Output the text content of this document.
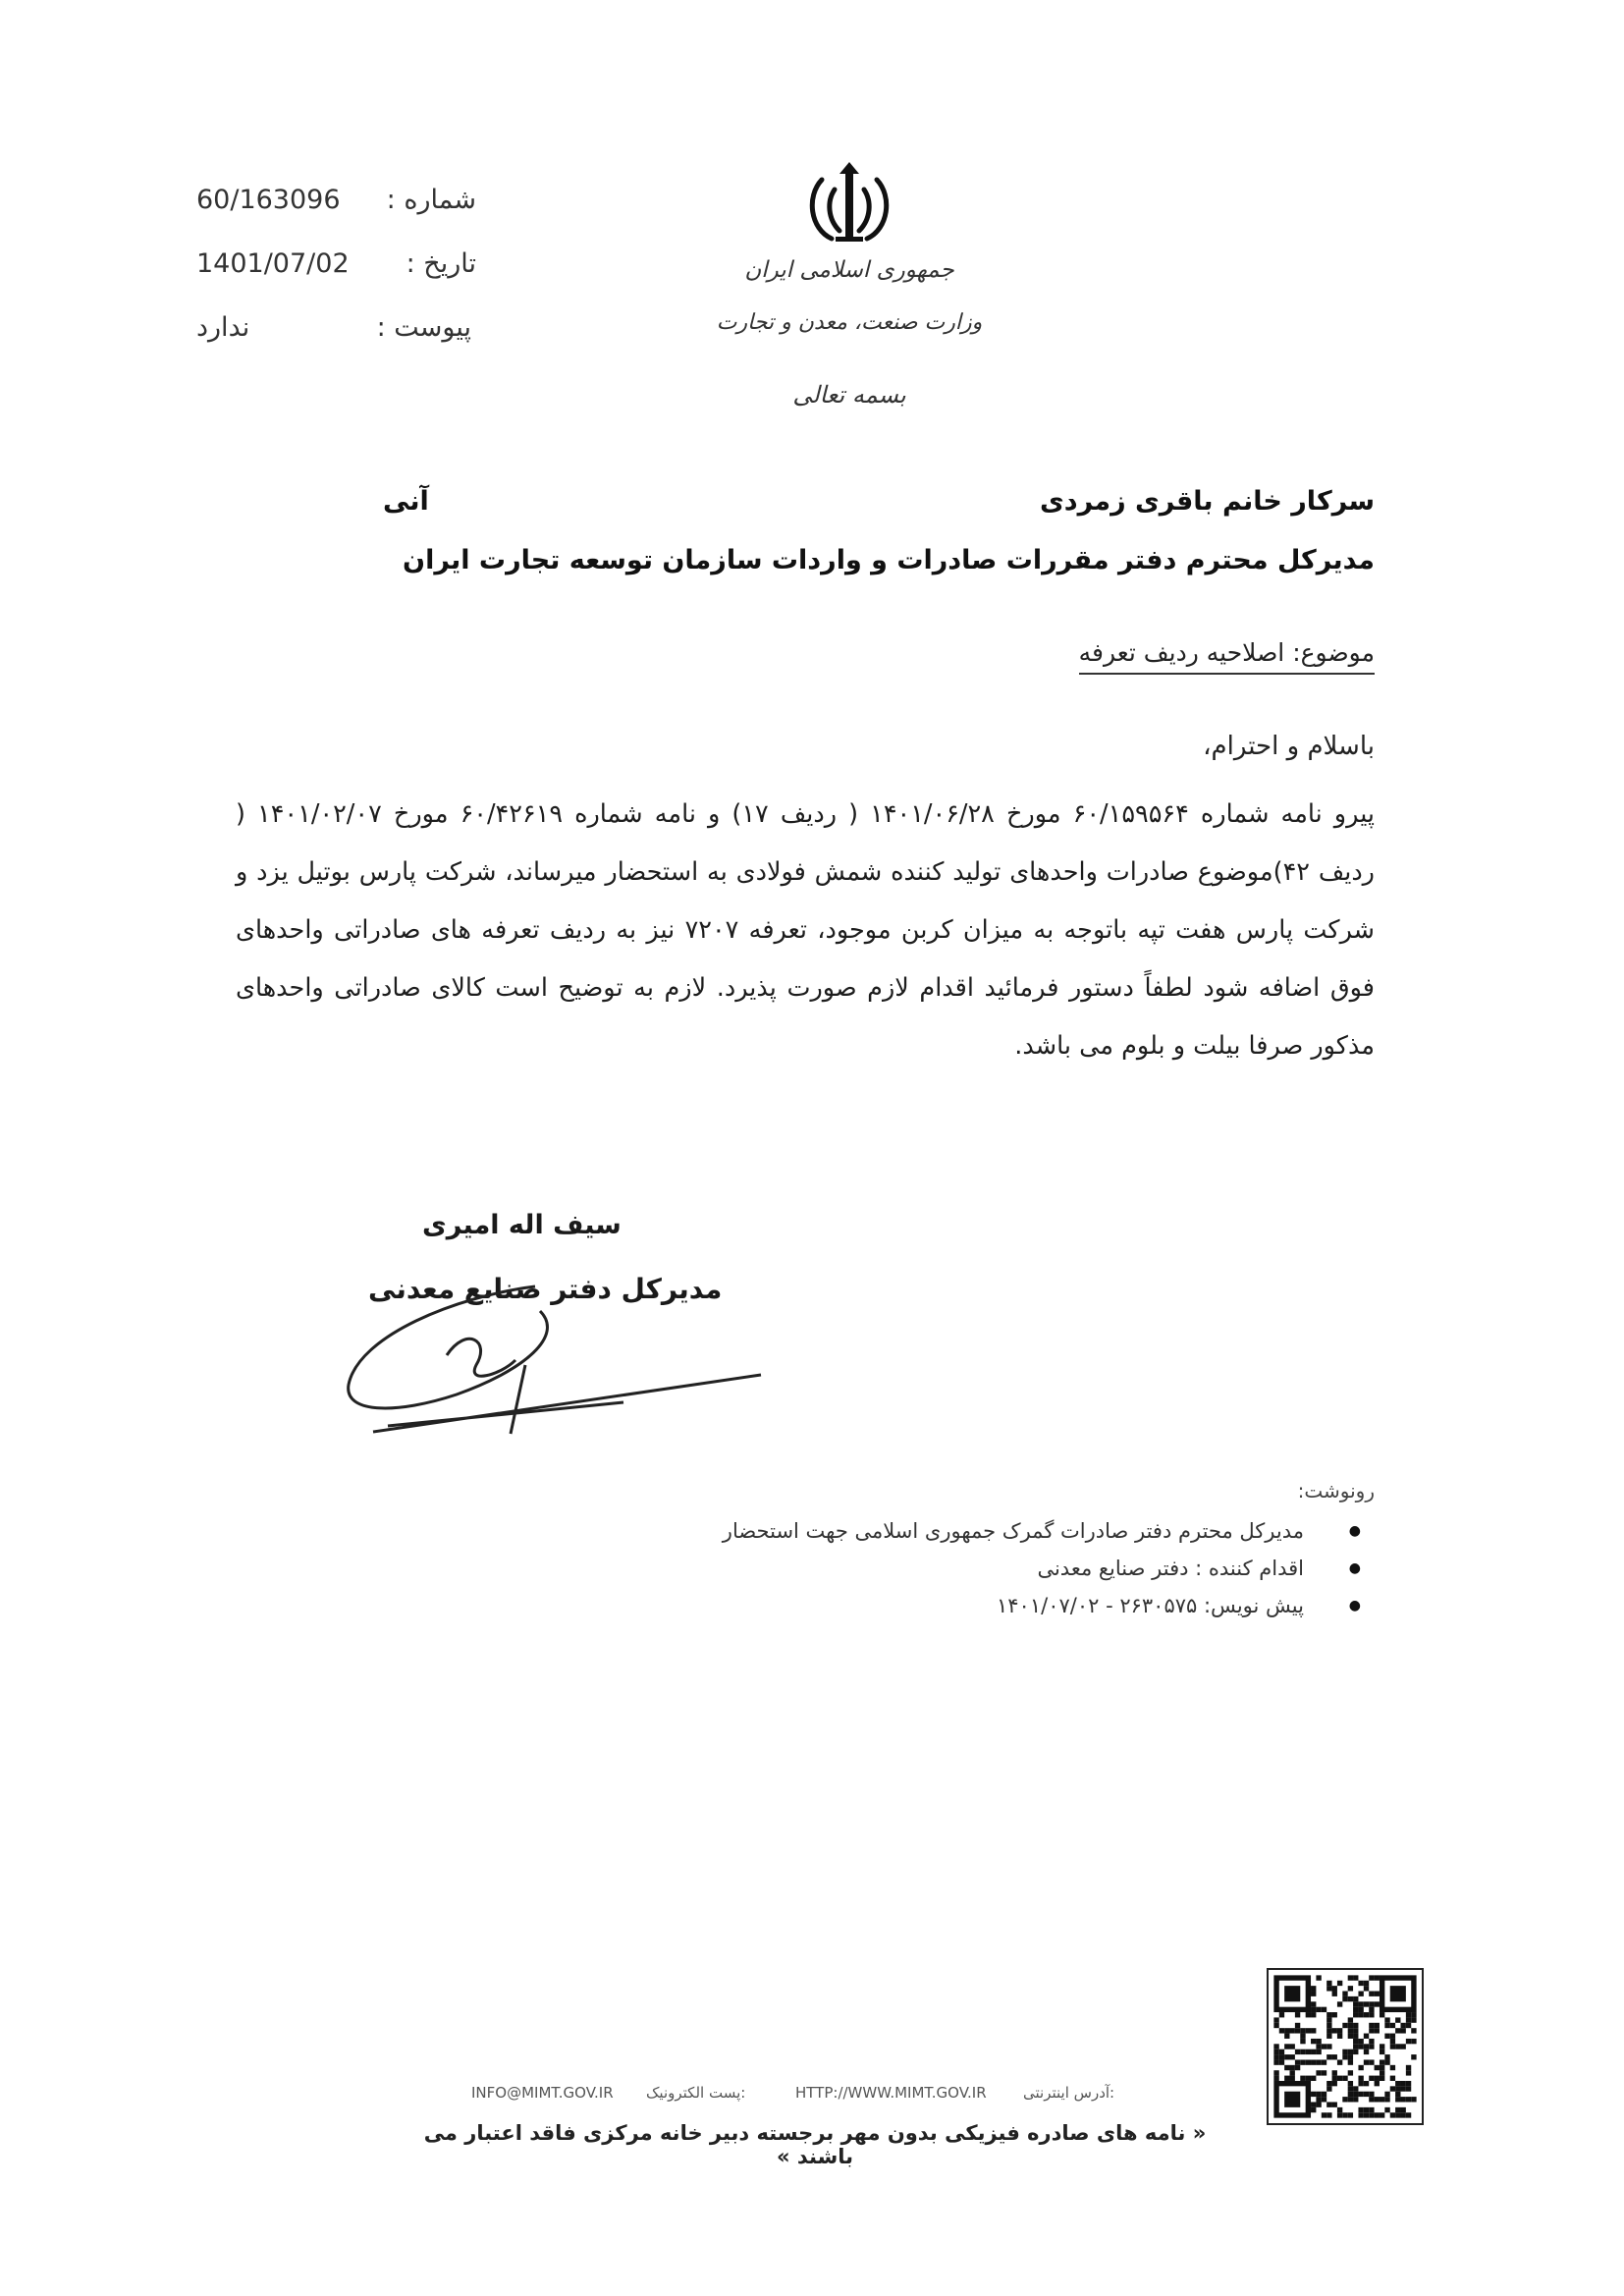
شماره :
60/163096
تاریخ :
1401/07/02
پیوست :
ندارد
جمهوری اسلامی ایران
وزارت صنعت، معدن و تجارت
بسمه تعالی
سرکار خانم باقری زمردی
آنی
مدیرکل محترم دفتر مقررات صادرات و واردات سازمان توسعه تجارت ایران
موضوع: اصلاحیه ردیف تعرفه
باسلام و احترام،
پیرو نامه شماره ۶۰/۱۵۹۵۶۴ مورخ ۱۴۰۱/۰۶/۲۸ ( ردیف ۱۷) و نامه شماره ۶۰/۴۲۶۱۹ مورخ ۱۴۰۱/۰۲/۰۷ ( ردیف ۴۲)موضوع صادرات واحدهای تولید کننده شمش فولادی به استحضار میرساند، شرکت پارس بوتیل یزد و شرکت پارس هفت تپه باتوجه به میزان کربن موجود، تعرفه ۷۲۰۷ نیز به ردیف تعرفه های صادراتی واحدهای فوق اضافه شود لطفاً دستور فرمائید اقدام لازم صورت پذیرد. لازم به توضیح است کالای صادراتی واحدهای مذکور صرفا بیلت و بلوم می باشد.
سیف اله امیری
مدیرکل دفتر صنایع معدنی
رونوشت:
● مدیرکل محترم دفتر صادرات گمرک جمهوری اسلامی جهت استحضار
● اقدام کننده : دفتر صنایع معدنی
● پیش نویس: ۲۶۳۰۵۷۵ - ۱۴۰۱/۰۷/۰۲
INFO@MIMT.GOV.IR پست الکترونیک:	HTTP://WWW.MIMT.GOV.IR آدرس اینترنتی:
« نامه های صادره فیزیکی بدون مهر برجسته دبیر خانه مرکزی فاقد اعتبار می باشند »
